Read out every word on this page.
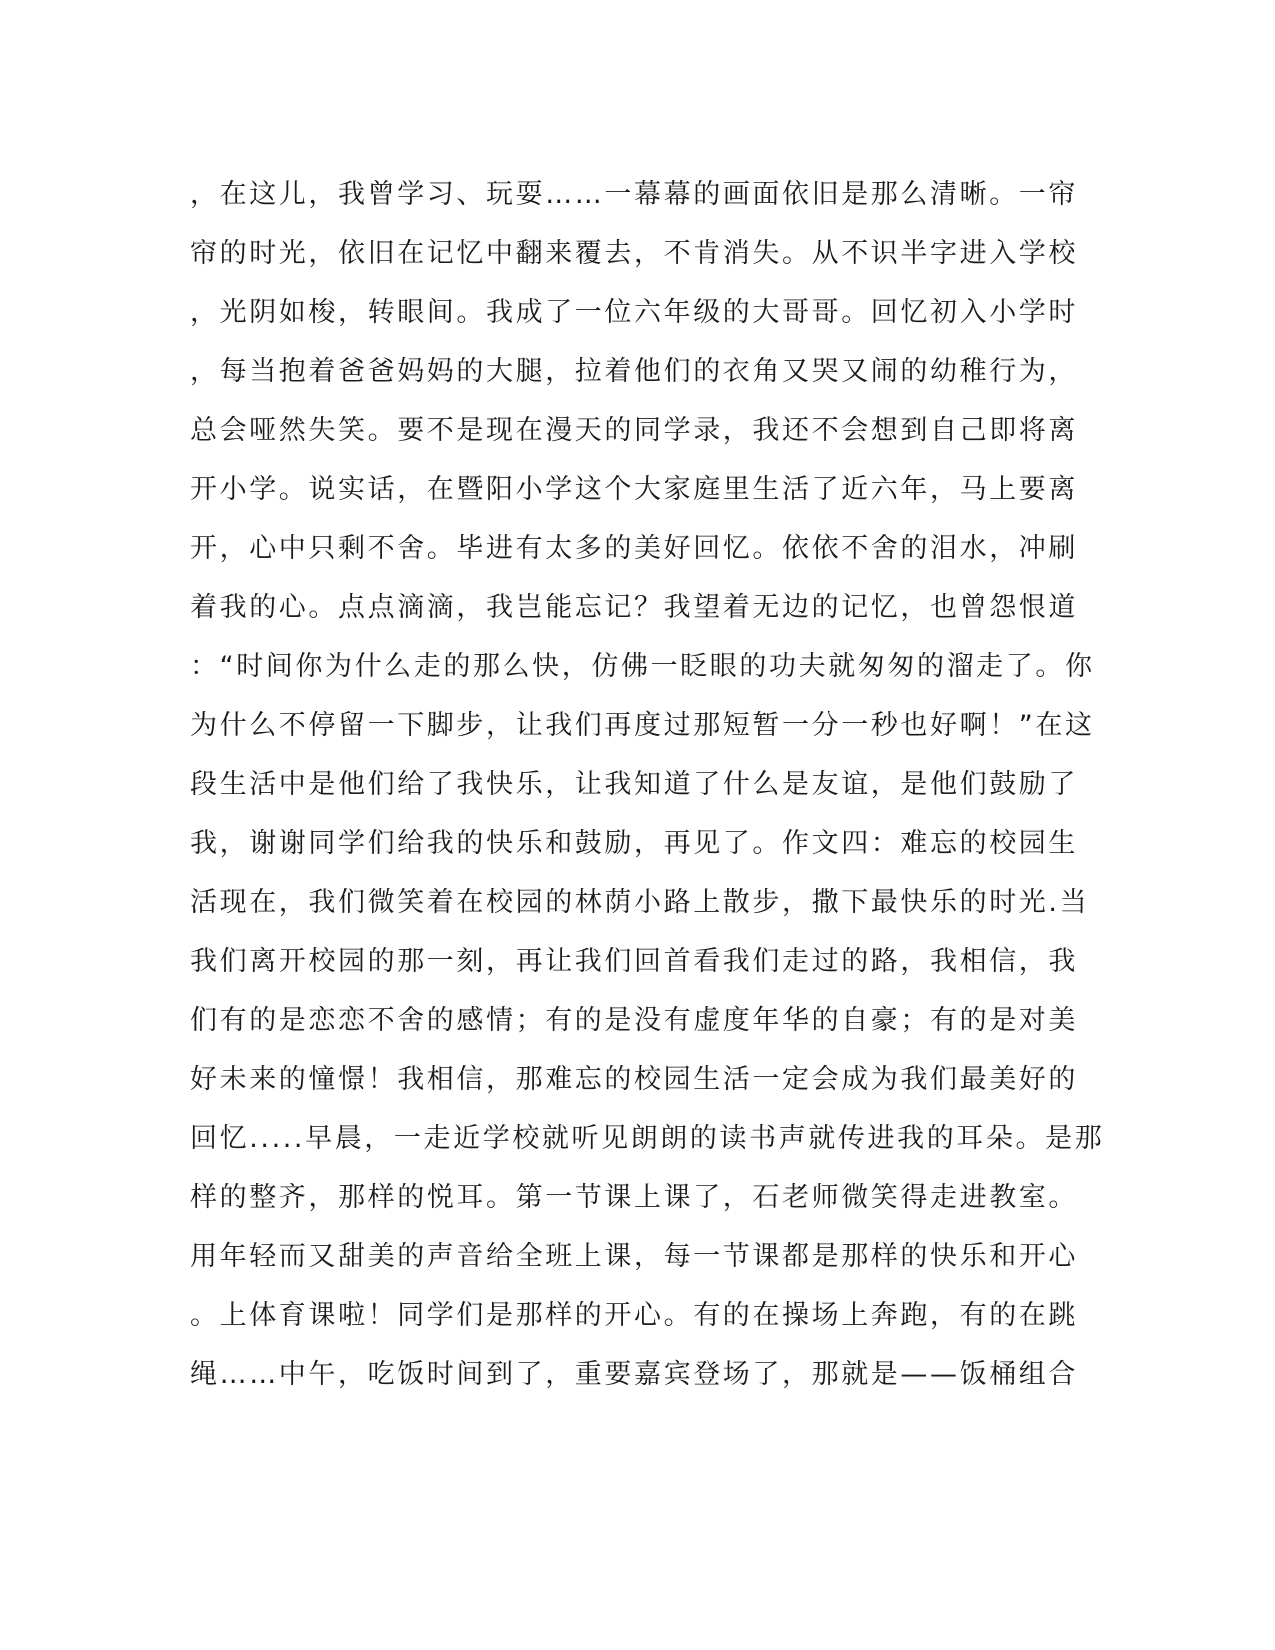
，在这儿，我曾学习、玩耍……一幕幕的画面依旧是那么清晰。一帘
帘的时光，依旧在记忆中翻来覆去，不肯消失。从不识半字进入学校
，光阴如梭，转眼间。我成了一位六年级的大哥哥。回忆初入小学时
，每当抱着爸爸妈妈的大腿，拉着他们的衣角又哭又闹的幼稚行为，
总会哑然失笑。要不是现在漫天的同学录，我还不会想到自己即将离
开小学。说实话，在暨阳小学这个大家庭里生活了近六年，马上要离
开，心中只剩不舍。毕进有太多的美好回忆。依依不舍的泪水，冲刷
着我的心。点点滴滴，我岂能忘记？我望着无边的记忆，也曾怨恨道
：“时间你为什么走的那么快，仿佛一眨眼的功夫就匆匆的溜走了。你
为什么不停留一下脚步，让我们再度过那短暂一分一秒也好啊！”在这
段生活中是他们给了我快乐，让我知道了什么是友谊，是他们鼓励了
我，谢谢同学们给我的快乐和鼓励，再见了。作文四：难忘的校园生
活现在，我们微笑着在校园的林荫小路上散步，撒下最快乐的时光.当
我们离开校园的那一刻，再让我们回首看我们走过的路，我相信，我
们有的是恋恋不舍的感情；有的是没有虚度年华的自豪；有的是对美
好未来的憧憬！我相信，那难忘的校园生活一定会成为我们最美好的
回忆.....早晨，一走近学校就听见朗朗的读书声就传进我的耳朵。是那
样的整齐，那样的悦耳。第一节课上课了，石老师微笑得走进教室。
用年轻而又甜美的声音给全班上课，每一节课都是那样的快乐和开心
。上体育课啦！同学们是那样的开心。有的在操场上奔跑，有的在跳
绳……中午，吃饭时间到了，重要嘉宾登场了，那就是——饭桶组合
